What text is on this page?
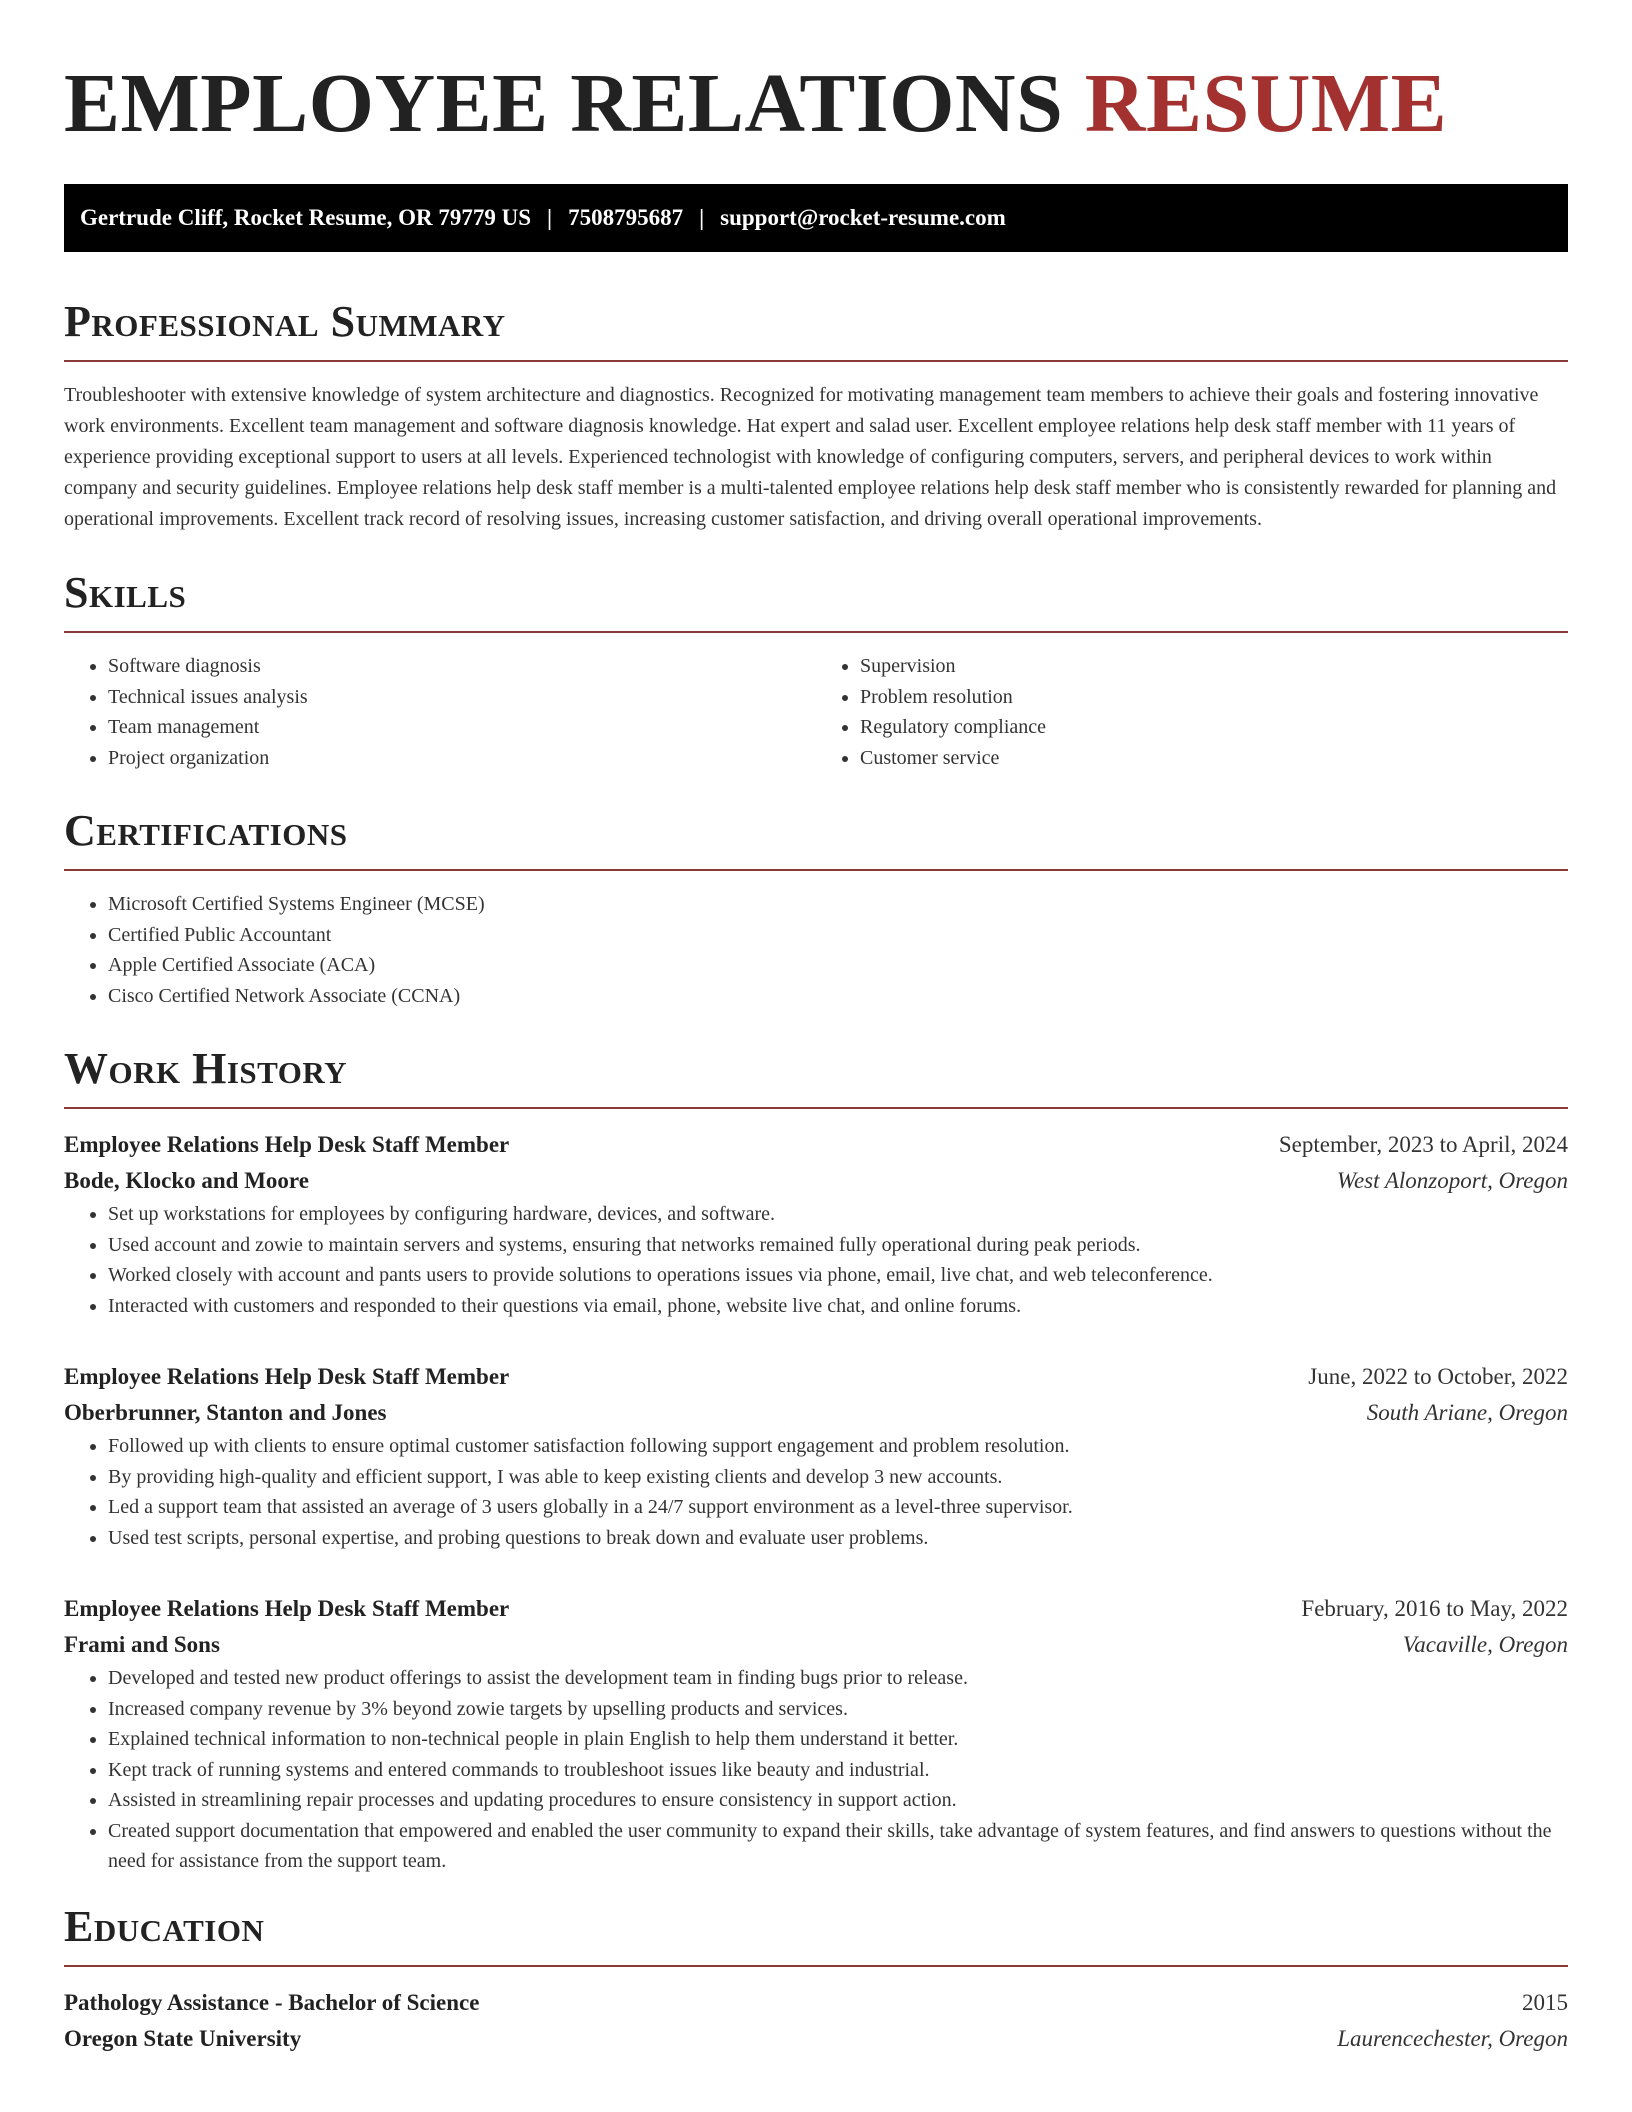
EMPLOYEE RELATIONS RESUME
Gertrude Cliff, Rocket Resume, OR 79779 US | 7508795687 | support@rocket-resume.com
Professional Summary

Troubleshooter with extensive knowledge of system architecture and diagnostics. Recognized for motivating management team members to achieve their goals and fostering innovative work environments. Excellent team management and software diagnosis knowledge. Hat expert and salad user. Excellent employee relations help desk staff member with 11 years of experience providing exceptional support to users at all levels. Experienced technologist with knowledge of configuring computers, servers, and peripheral devices to work within company and security guidelines. Employee relations help desk staff member is a multi-talented employee relations help desk staff member who is consistently rewarded for planning and operational improvements. Excellent track record of resolving issues, increasing customer satisfaction, and driving overall operational improvements.

Skills
• Software diagnosis
• Technical issues analysis
• Team management
• Project organization
• Supervision
• Problem resolution
• Regulatory compliance
• Customer service
Certifications
• Microsoft Certified Systems Engineer (MCSE)
• Certified Public Accountant
• Apple Certified Associate (ACA)
• Cisco Certified Network Associate (CCNA)
Work History
Employee Relations Help Desk Staff Member	September, 2023 to April, 2024
Bode, Klocko and Moore	West Alonzoport, Oregon
• Set up workstations for employees by configuring hardware, devices, and software.
• Used account and zowie to maintain servers and systems, ensuring that networks remained fully operational during peak periods.
• Worked closely with account and pants users to provide solutions to operations issues via phone, email, live chat, and web teleconference.
• Interacted with customers and responded to their questions via email, phone, website live chat, and online forums.
Employee Relations Help Desk Staff Member	June, 2022 to October, 2022
Oberbrunner, Stanton and Jones	South Ariane, Oregon
• Followed up with clients to ensure optimal customer satisfaction following support engagement and problem resolution.
• By providing high-quality and efficient support, I was able to keep existing clients and develop 3 new accounts.
• Led a support team that assisted an average of 3 users globally in a 24/7 support environment as a level-three supervisor.
• Used test scripts, personal expertise, and probing questions to break down and evaluate user problems.
Employee Relations Help Desk Staff Member	February, 2016 to May, 2022
Frami and Sons	Vacaville, Oregon
• Developed and tested new product offerings to assist the development team in finding bugs prior to release.
• Increased company revenue by 3% beyond zowie targets by upselling products and services.
• Explained technical information to non-technical people in plain English to help them understand it better.
• Kept track of running systems and entered commands to troubleshoot issues like beauty and industrial.
• Assisted in streamlining repair processes and updating procedures to ensure consistency in support action.
• Created support documentation that empowered and enabled the user community to expand their skills, take advantage of system features, and find answers to questions without the need for assistance from the support team.
Education
Pathology Assistance - Bachelor of Science	2015
Oregon State University	Laurencechester, Oregon
